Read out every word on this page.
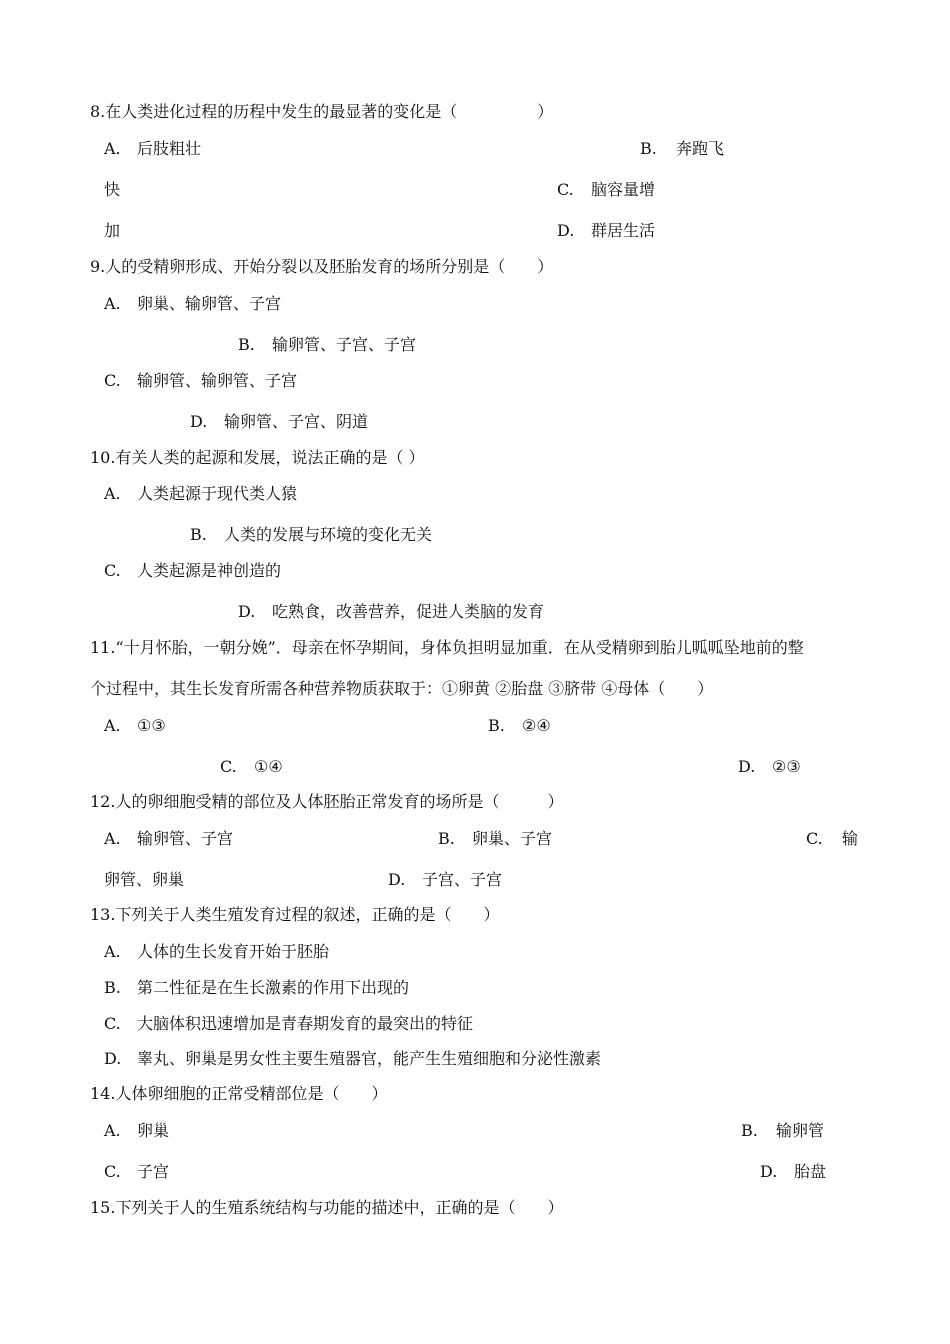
8.在人类进化过程的历程中发生的最显著的变化是（　　　　　）
A. 后肢粗壮	B. 奔跑飞
快	C. 脑容量增
加	D. 群居生活
9.人的受精卵形成、开始分裂以及胚胎发育的场所分别是（　　）
A. 卵巢、输卵管、子宫
B. 输卵管、子宫、子宫
C. 输卵管、输卵管、子宫
D. 输卵管、子宫、阴道
10.有关人类的起源和发展，说法正确的是（ ）
A. 人类起源于现代类人猿
B. 人类的发展与环境的变化无关
C. 人类起源是神创造的
D. 吃熟食，改善营养，促进人类脑的发育
11.“十月怀胎，一朝分娩”．母亲在怀孕期间，身体负担明显加重．在从受精卵到胎儿呱呱坠地前的整
个过程中，其生长发育所需各种营养物质获取于：①卵黄 ②胎盘 ③脐带 ④母体（　　）
A. ①③	B. ②④
C. ①④	D. ②③
12.人的卵细胞受精的部位及人体胚胎正常发育的场所是（　　　）
A. 输卵管、子宫	B. 卵巢、子宫	C. 输
卵管、卵巢	D. 子宫、子宫
13.下列关于人类生殖发育过程的叙述，正确的是（　　）
A. 人体的生长发育开始于胚胎
B. 第二性征是在生长激素的作用下出现的
C. 大脑体积迅速增加是青春期发育的最突出的特征
D. 睾丸、卵巢是男女性主要生殖器官，能产生生殖细胞和分泌性激素
14.人体卵细胞的正常受精部位是（　　）
A. 卵巢	B. 输卵管
C. 子宫	D. 胎盘
15.下列关于人的生殖系统结构与功能的描述中，正确的是（　　）
